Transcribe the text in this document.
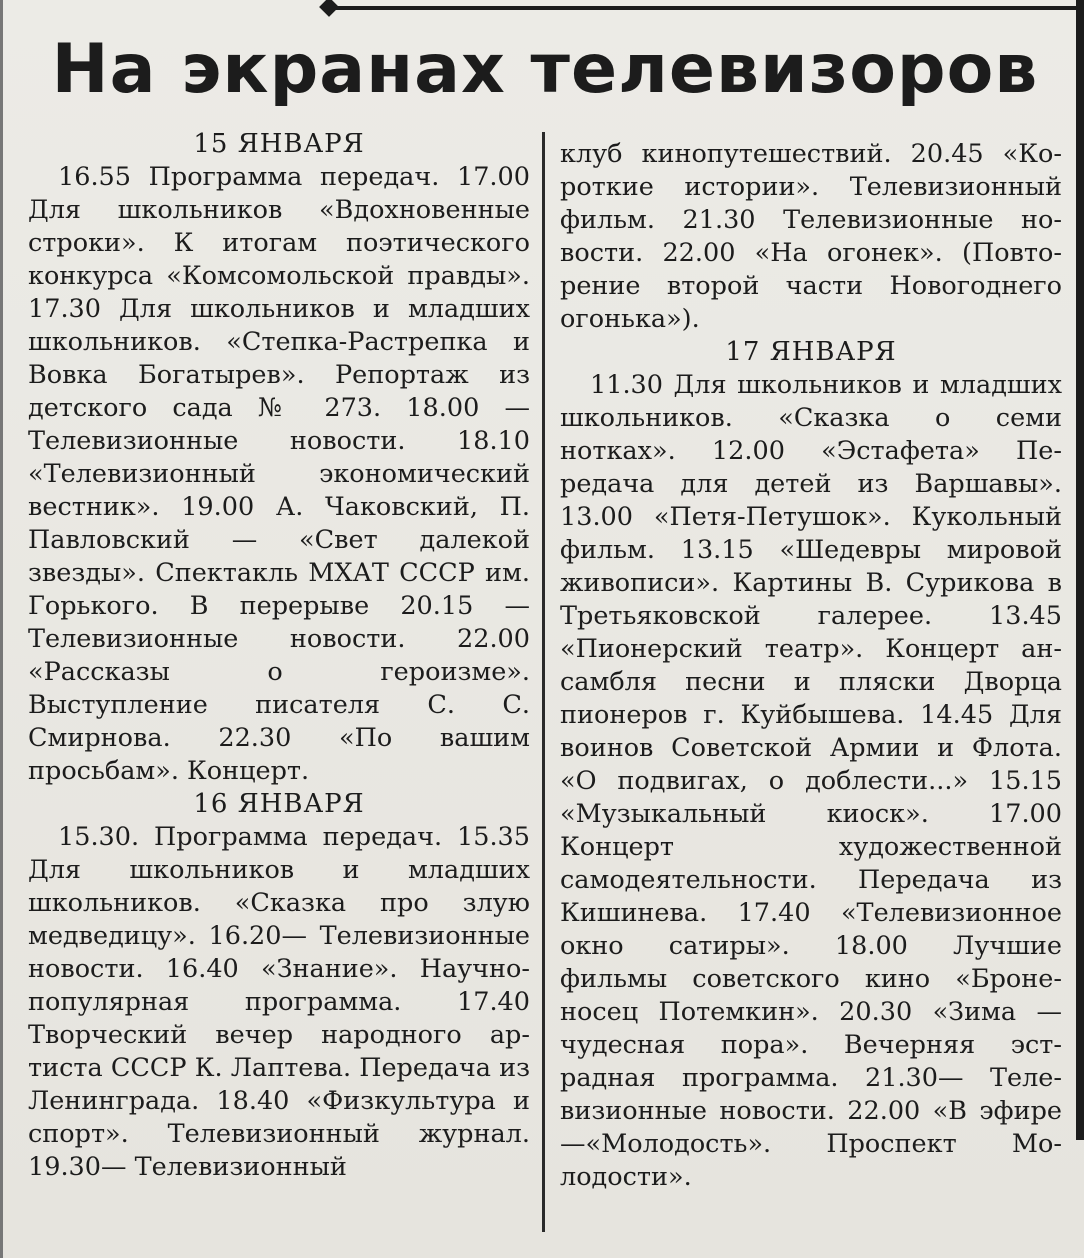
На экранах телевизоров
15 ЯНВАРЯ

16.55 Программа передач. 17.00 Для школьников «Вдохновенные строки». К итогам поэтического конкурса «Комсомольской правды». 17.30 Для школьников и младших школьников. «Степка-Растрепка и Вовка Богатырев». Репортаж из детского сада № 273. 18.00 —Телевизионные новости. 18.10 «Телевизионный экономический вестник». 19.00 А. Чаковский, П. Павловский — «Свет далекой звезды». Спектакль МХАТ СССР им. Горького. В перерыве 20.15 — Телевизионные новости. 22.00 «Рассказы о героизме». Выступление писателя С. С. Смирнова. 22.30 «По вашим просьбам». Концерт.

16 ЯНВАРЯ

15.30. Программа передач. 15.35 Для школьников и младших школьников. «Сказка про злую медведицу». 16.20— Телевизионные новости. 16.40 «Знание». Научно-популярная программа. 17.40 Творческий вечер народного артиста СССР К. Лаптева. Передача из Ленинграда. 18.40 «Физкультура и спорт». Телевизионный журнал. 19.30— Телевизионный

клуб кинопутешествий. 20.45 «Короткие истории». Телевизионный фильм. 21.30 Телевизионные новости. 22.00 «На огонек». (Повторение второй части Новогоднего огонька»).

17 ЯНВАРЯ

11.30 Для школьников и младших школьников. «Сказка о семи нотках». 12.00 «Эстафета» Передача для детей из Варшавы». 13.00 «Петя-Петушок». Кукольный фильм. 13.15 «Шедевры мировой живописи». Картины В. Сурикова в Третьяковской галерее. 13.45 «Пионерский театр». Концерт ансамбля песни и пляски Дворца пионеров г. Куйбышева. 14.45 Для воинов Советской Армии и Флота. «О подвигах, о доблести...» 15.15 «Музыкальный киоск». 17.00 Концерт художественной самодеятельности. Передача из Кишинева. 17.40 «Телевизионное окно сатиры». 18.00 Лучшие фильмы советского кино «Броненосец Потемкин». 20.30 «Зима — чудесная пора». Вечерняя эстрадная программа. 21.30— Телевизионные новости. 22.00 «В эфире—«Молодость». Проспект Молодости».
